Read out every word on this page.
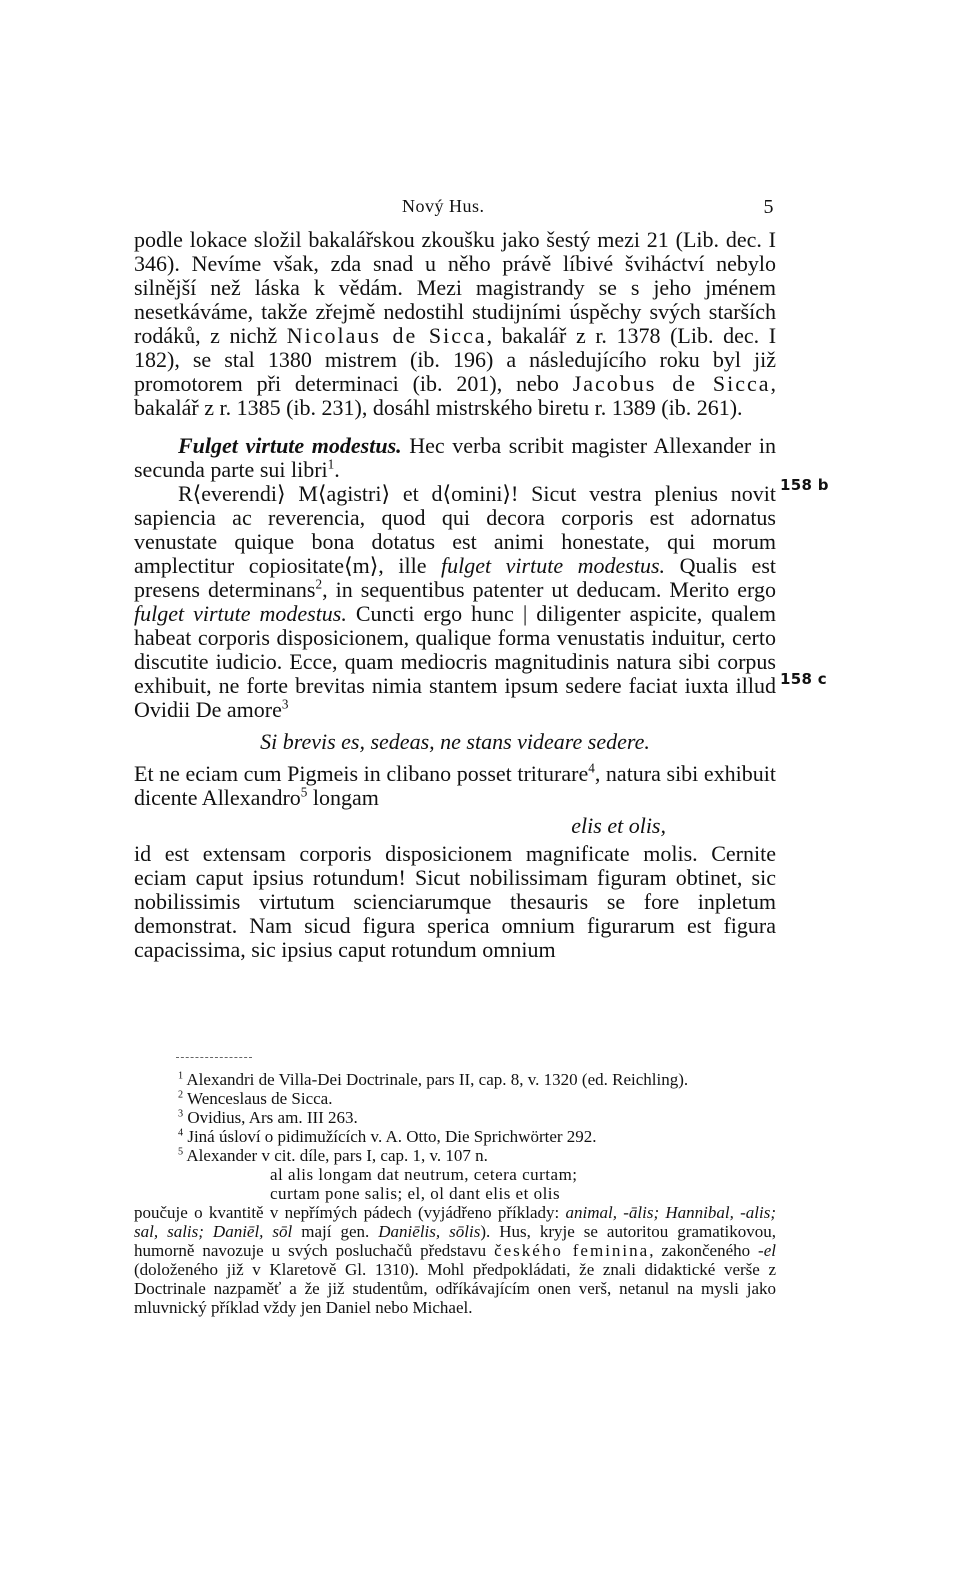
Nový Hus.	5

podle lokace složil bakalářskou zkoušku jako šestý mezi 21 (Lib. dec. I 346). Nevíme však, zda snad u něho právě líbivé šviháctví nebylo silnější než láska k vědám. Mezi magistrandy se s jeho jménem nesetkáváme, takže zřejmě nedostihl studijními úspěchy svých starších rodáků, z nichž Nicolaus de Sicca, bakalář z r. 1378 (Lib. dec. I 182), se stal 1380 mistrem (ib. 196) a následujícího roku byl již promotorem při determinaci (ib. 201), nebo Jacobus de Sicca, bakalář z r. 1385 (ib. 231), dosáhl mistrského biretu r. 1389 (ib. 261).

Fulget virtute modestus. Hec verba scribit magister Allexander in secunda parte sui libri$^1$.

R⟨everendi⟩ M⟨agistri⟩ et d⟨omini⟩! Sicut vestra plenius novit sapiencia ac reverencia, quod qui decora corporis est adornatus venustate quique bona dotatus est animi honestate, qui morum amplectitur copiositate⟨m⟩, ille fulget virtute modestus. Qualis est presens determinans$^2$, in sequentibus patenter ut deducam. Merito ergo fulget virtute modestus. Cuncti ergo hunc | diligenter aspicite, qualem habeat corporis disposicionem, qualique forma venustatis induitur, certo discutite iudicio. Ecce, quam mediocris magnitudinis natura sibi corpus exhibuit, ne forte brevitas nimia stantem ipsum sedere faciat iuxta illud Ovidii De amore$^3$

Si brevis es, sedeas, ne stans videare sedere.

Et ne eciam cum Pigmeis in clibano posset triturare$^4$, natura sibi exhibuit dicente Allexandro$^5$ longam

elis et olis,

id est extensam corporis disposicionem magnificate molis. Cernite eciam caput ipsius rotundum! Sicut nobilissimam figuram obtinet, sic nobilissimis virtutum scienciarumque thesauris se fore inpletum demonstrat. Nam sicud figura sperica omnium figurarum est figura capacissima, sic ipsius caput rotundum omnium

158 b
158 c

$^1$ Alexandri de Villa-Dei Doctrinale, pars II, cap. 8, v. 1320 (ed. Reichling).

$^2$ Wenceslaus de Sicca.

$^3$ Ovidius, Ars am. III 263.

$^4$ Jiná úsloví o pidimužících v. A. Otto, Die Sprichwörter 292.

$^5$ Alexander v cit. díle, pars I, cap. 1, v. 107 n.

al alis longam dat neutrum, cetera curtam;

curtam pone salis; el, ol dant elis et olis

poučuje o kvantitě v nepřímých pádech (vyjádřeno příklady: animal, -ālis; Hannibal, -alis; sal, salis; Daniēl, sōl mají gen. Daniēlis, sōlis). Hus, kryje se autoritou gramatikovou, humorně navozuje u svých posluchačů představu českého feminina, zakončeného -el (doloženého již v Klaretově Gl. 1310). Mohl předpokládati, že znali didaktické verše z Doctrinale nazpaměť a že již studentům, odříkávajícím onen verš, netanul na mysli jako mluvnický příklad vždy jen Daniel nebo Michael.
